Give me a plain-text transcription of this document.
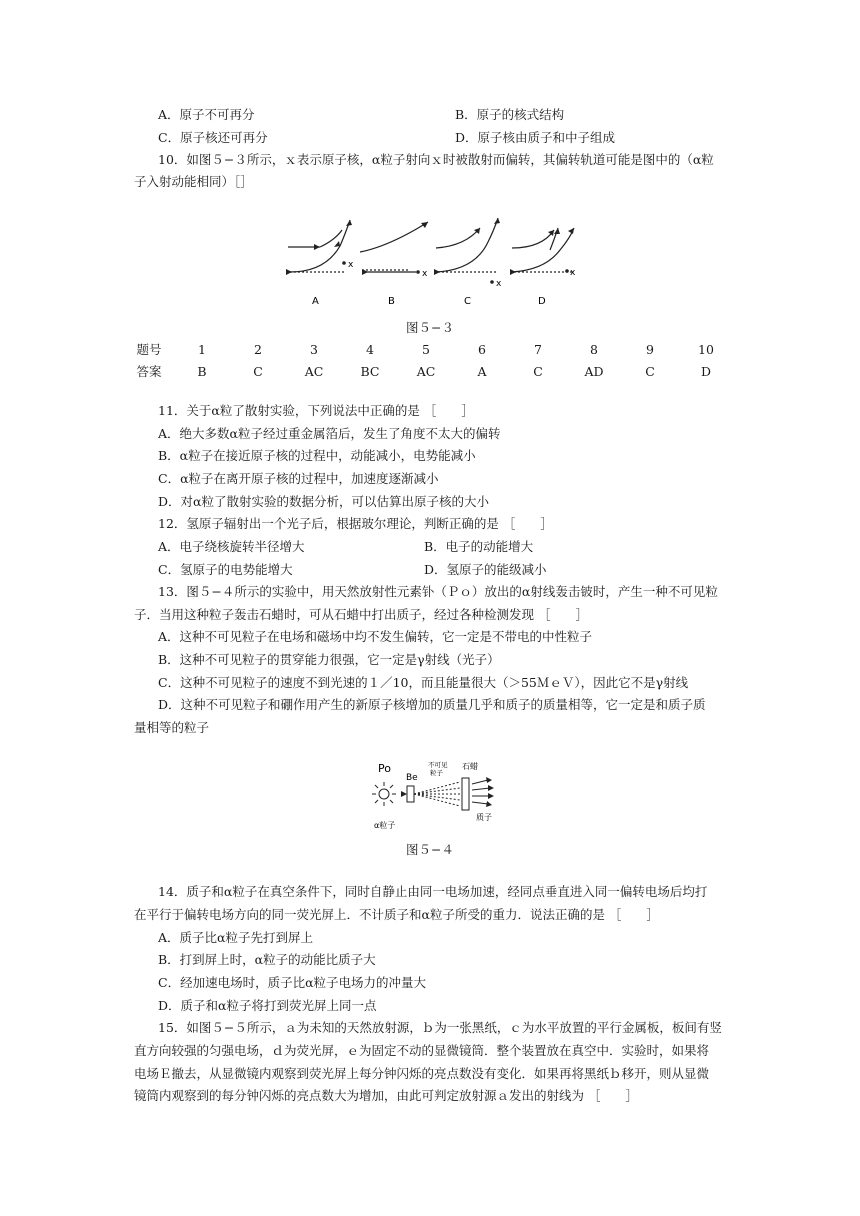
A．原子不可再分	B．原子的核式结构
C．原子核还可再分	D．原子核由质子和中子组成
10．如图５−３所示，ｘ表示原子核，α粒子射向ｘ时被散射而偏转，其偏转轨道可能是图中的（α粒
子入射动能相同）［］
x
x
x
x
A	B	C	D
图５−３
题号	1	2	3	4	5	6	7	8	9	10
答案	B	C	AC	BC	AC	A	C	AD	C	D
11．关于α粒了散射实验，下列说法中正确的是 ［　　］
A．绝大多数α粒子经过重金属箔后，发生了角度不太大的偏转
B．α粒子在接近原子核的过程中，动能减小，电势能减小
C．α粒子在离开原子核的过程中，加速度逐渐减小
D．对α粒了散射实验的数据分析，可以估算出原子核的大小
12．氢原子辐射出一个光子后，根据玻尔理论，判断正确的是 ［　　］
A．电子绕核旋转半径增大	B．电子的动能增大
C．氢原子的电势能增大	D．氢原子的能级减小
13．图５−４所示的实验中，用天然放射性元素钋（Ｐｏ）放出的α射线轰击铍时，产生一种不可见粒
子．当用这种粒子轰击石蜡时，可从石蜡中打出质子，经过各种检测发现 ［　　］
A．这种不可见粒子在电场和磁场中均不发生偏转，它一定是不带电的中性粒子
B．这种不可见粒子的贯穿能力很强，它一定是γ射线（光子）
C．这种不可见粒子的速度不到光速的１／10，而且能量很大（＞55ＭｅＶ），因此它不是γ射线
D．这种不可见粒子和硼作用产生的新原子核增加的质量几乎和质子的质量相等，它一定是和质子质
量相等的粒子
Po
Be
不可见
粒子
石蜡
α粒子
质子
图５−４
14．质子和α粒子在真空条件下，同时自静止由同一电场加速，经同点垂直进入同一偏转电场后均打
在平行于偏转电场方向的同一荧光屏上．不计质子和α粒子所受的重力．说法正确的是 ［　　］
A．质子比α粒子先打到屏上
B．打到屏上时，α粒子的动能比质子大
C．经加速电场时，质子比α粒子电场力的冲量大
D．质子和α粒子将打到荧光屏上同一点
15．如图５−５所示，ａ为未知的天然放射源，ｂ为一张黑纸，ｃ为水平放置的平行金属板，板间有竖
直方向较强的匀强电场，ｄ为荧光屏，ｅ为固定不动的显微镜筒．整个装置放在真空中．实验时，如果将
电场Ｅ撤去，从显微镜内观察到荧光屏上每分钟闪烁的亮点数没有变化．如果再将黑纸ｂ移开，则从显微
镜筒内观察到的每分钟闪烁的亮点数大为增加，由此可判定放射源ａ发出的射线为 ［　　］
